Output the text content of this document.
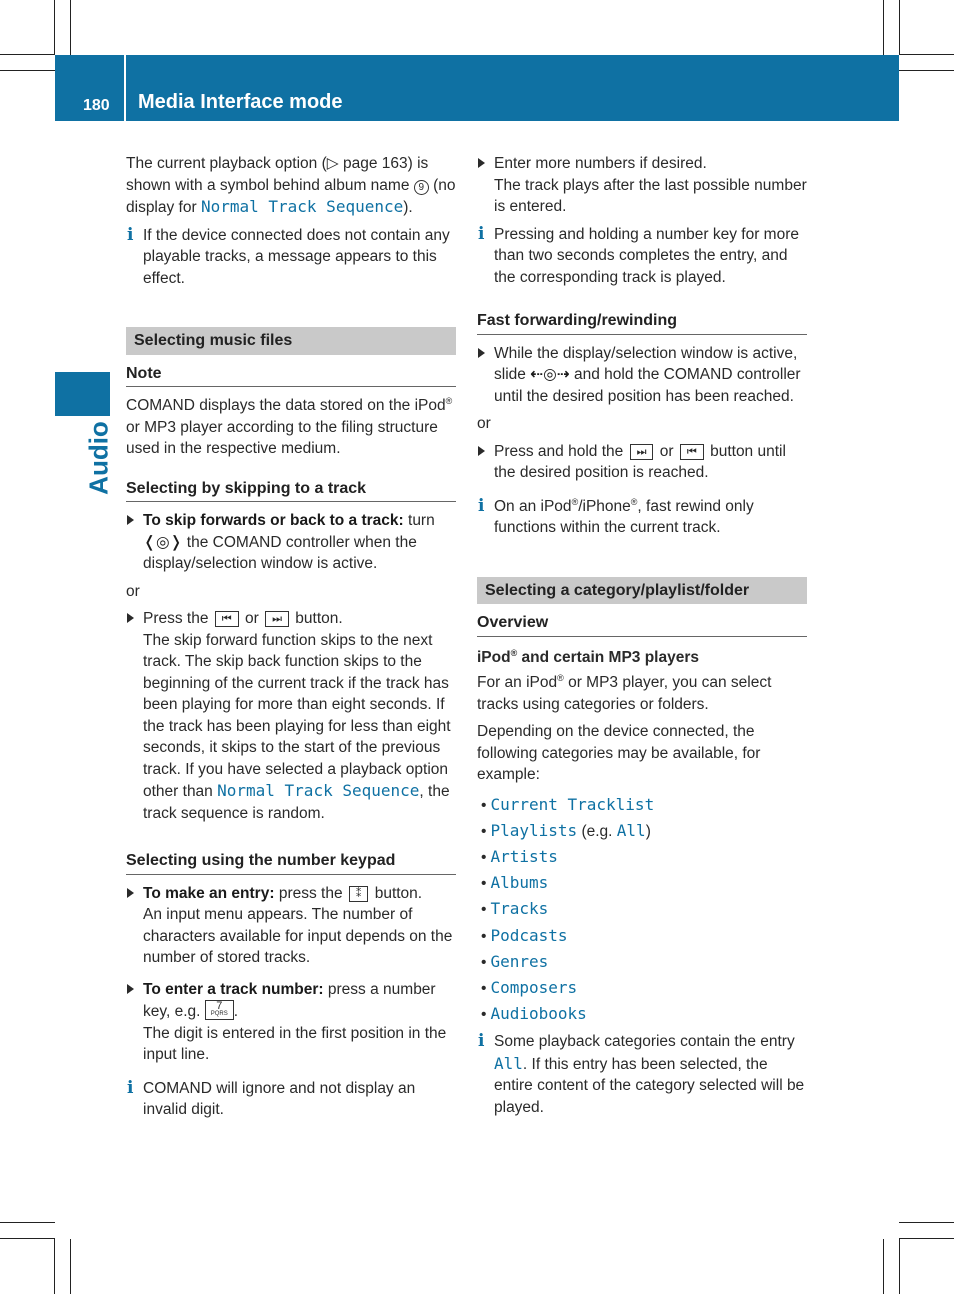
180 Media Interface mode
Audio

The current playback option (▷ page 163) is shown with a symbol behind album name 9 (no display for Normal Track Sequence).

i If the device connected does not contain any playable tracks, a message appears to this effect.
Selecting music files
Note

COMAND displays the data stored on the iPod® or MP3 player according to the filing structure used in the respective medium.

Selecting by skipping to a track
To skip forwards or back to a track: turn ❬◎❭ the COMAND controller when the display/selection window is active.

or

Press the ⏮ or ⏭ button.
The skip forward function skips to the next track. The skip back function skips to the beginning of the current track if the track has been playing for more than eight seconds. If the track has been playing for less than eight seconds, it skips to the start of the previous track. If you have selected a playback option other than Normal Track Sequence, the track sequence is random.
Selecting using the number keypad
To make an entry: press the ⁑ button.
An input menu appears. The number of characters available for input depends on the number of stored tracks.
To enter a track number: press a number key, e.g. 7
PQRS .
The digit is entered in the first position in the input line.
i COMAND will ignore and not display an invalid digit.
Enter more numbers if desired.
The track plays after the last possible number is entered.
i Pressing and holding a number key for more than two seconds completes the entry, and the corresponding track is played.
Fast forwarding/rewinding
While the display/selection window is active, slide ⇠◎⇢ and hold the COMAND controller until the desired position has been reached.

or

Press and hold the ⏭ or ⏮ button until the desired position is reached.
i On an iPod®/iPhone®, fast rewind only functions within the current track.
Selecting a category/playlist/folder
Overview
iPod® and certain MP3 players

For an iPod® or MP3 player, you can select tracks using categories or folders.

Depending on the device connected, the following categories may be available, for example:

• Current Tracklist
• Playlists (e.g. All)
• Artists
• Albums
• Tracks
• Podcasts
• Genres
• Composers
• Audiobooks
i Some playback categories contain the entry All. If this entry has been selected, the entire content of the category selected will be played.
